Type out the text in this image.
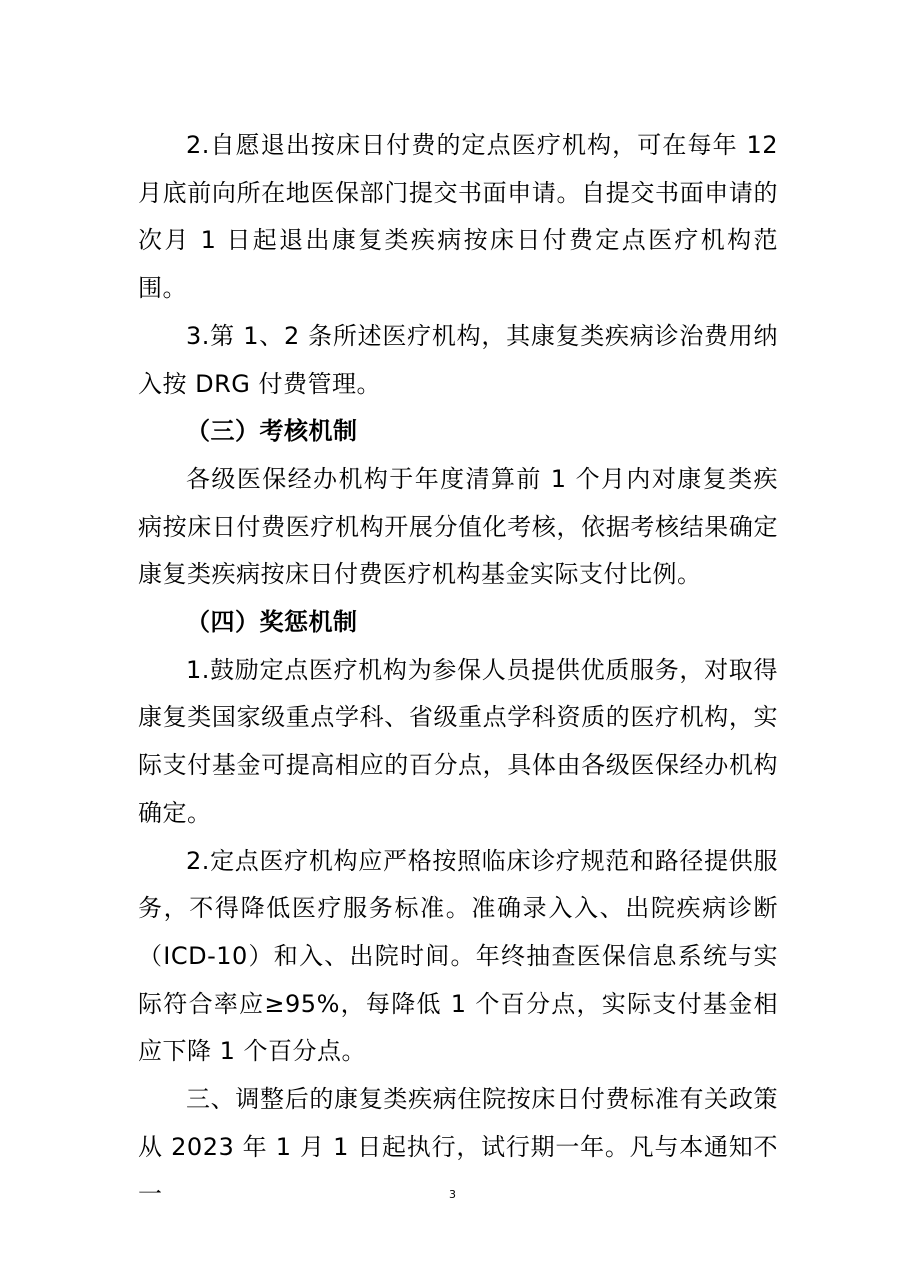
2.自愿退出按床日付费的定点医疗机构，可在每年 12 月底前向所在地医保部门提交书面申请。自提交书面申请的次月 1 日起退出康复类疾病按床日付费定点医疗机构范围。

3.第 1、2 条所述医疗机构，其康复类疾病诊治费用纳入按 DRG 付费管理。

（三）考核机制

各级医保经办机构于年度清算前 1 个月内对康复类疾病按床日付费医疗机构开展分值化考核，依据考核结果确定康复类疾病按床日付费医疗机构基金实际支付比例。

（四）奖惩机制

1.鼓励定点医疗机构为参保人员提供优质服务，对取得康复类国家级重点学科、省级重点学科资质的医疗机构，实际支付基金可提高相应的百分点，具体由各级医保经办机构确定。

2.定点医疗机构应严格按照临床诊疗规范和路径提供服务，不得降低医疗服务标准。准确录入入、出院疾病诊断（ICD-10）和入、出院时间。年终抽查医保信息系统与实际符合率应≥95%，每降低 1 个百分点，实际支付基金相应下降 1 个百分点。

三、调整后的康复类疾病住院按床日付费标准有关政策从 2023 年 1 月 1 日起执行，试行期一年。凡与本通知不一	3
